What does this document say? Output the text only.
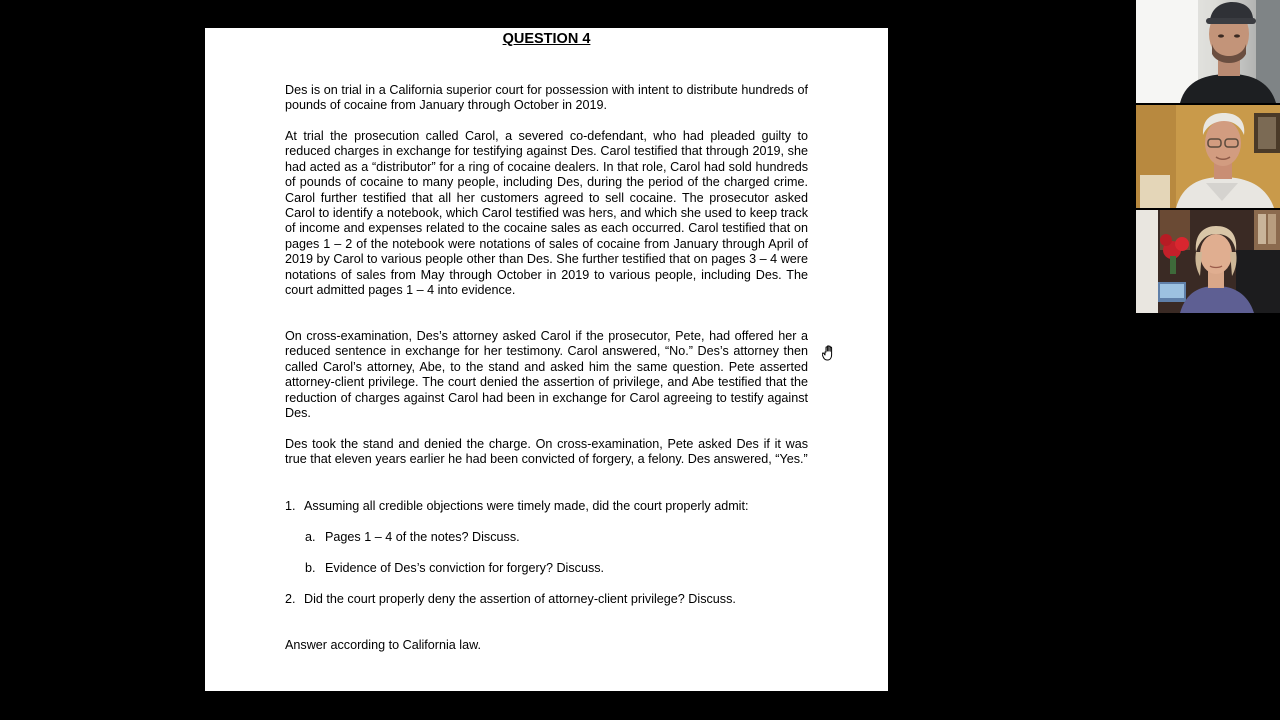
QUESTION 4

Des is on trial in a California superior court for possession with intent to distribute hundreds of pounds of cocaine from January through October in 2019.

At trial the prosecution called Carol, a severed co-defendant, who had pleaded guilty to reduced charges in exchange for testifying against Des. Carol testified that through 2019, she had acted as a “distributor” for a ring of cocaine dealers. In that role, Carol had sold hundreds of pounds of cocaine to many people, including Des, during the period of the charged crime. Carol further testified that all her customers agreed to sell cocaine. The prosecutor asked Carol to identify a notebook, which Carol testified was hers, and which she used to keep track of income and expenses related to the cocaine sales as each occurred. Carol testified that on pages 1 – 2 of the notebook were notations of sales of cocaine from January through April of 2019 by Carol to various people other than Des. She further testified that on pages 3 – 4 were notations of sales from May through October in 2019 to various people, including Des. The court admitted pages 1 – 4 into evidence.

On cross-examination, Des’s attorney asked Carol if the prosecutor, Pete, had offered her a reduced sentence in exchange for her testimony. Carol answered, “No.” Des’s attorney then called Carol’s attorney, Abe, to the stand and asked him the same question. Pete asserted attorney-client privilege. The court denied the assertion of privilege, and Abe testified that the reduction of charges against Carol had been in exchange for Carol agreeing to testify against Des.

Des took the stand and denied the charge. On cross-examination, Pete asked Des if it was true that eleven years earlier he had been convicted of forgery, a felony. Des answered, “Yes.”

1. Assuming all credible objections were timely made, did the court properly admit:
a. Pages 1 – 4 of the notes? Discuss.
b. Evidence of Des’s conviction for forgery? Discuss.
2. Did the court properly deny the assertion of attorney-client privilege? Discuss.
Answer according to California law.
